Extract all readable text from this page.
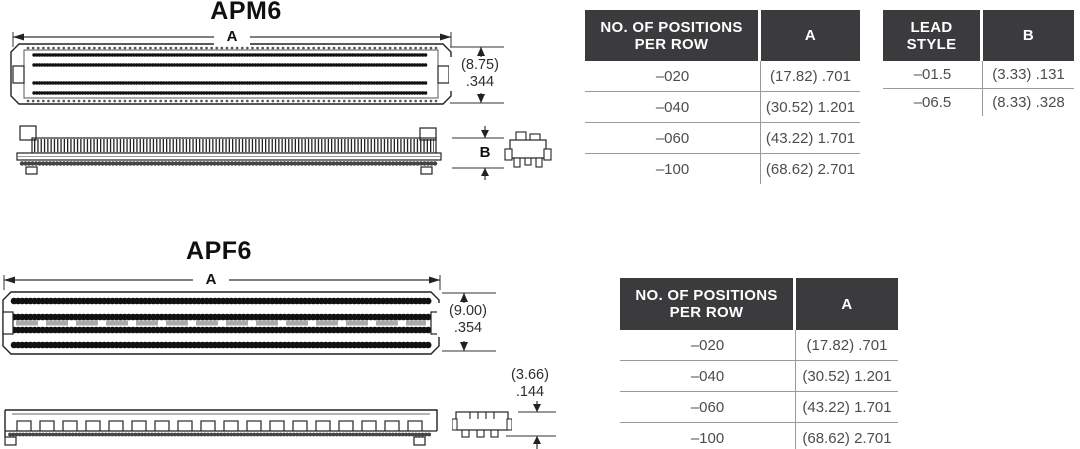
APM6
A
(8.75)
.344
B
APF6
A
(9.00)
.354
(3.66)
.144
NO. OF POSITIONS
PER ROW	A
–020	(17.82) .701
–040	(30.52) 1.201
–060	(43.22) 1.701
–100	(68.62) 2.701
LEAD
STYLE	B
–01.5	(3.33) .131
–06.5	(8.33) .328
NO. OF POSITIONS
PER ROW	A
–020	(17.82) .701
–040	(30.52) 1.201
–060	(43.22) 1.701
–100	(68.62) 2.701
